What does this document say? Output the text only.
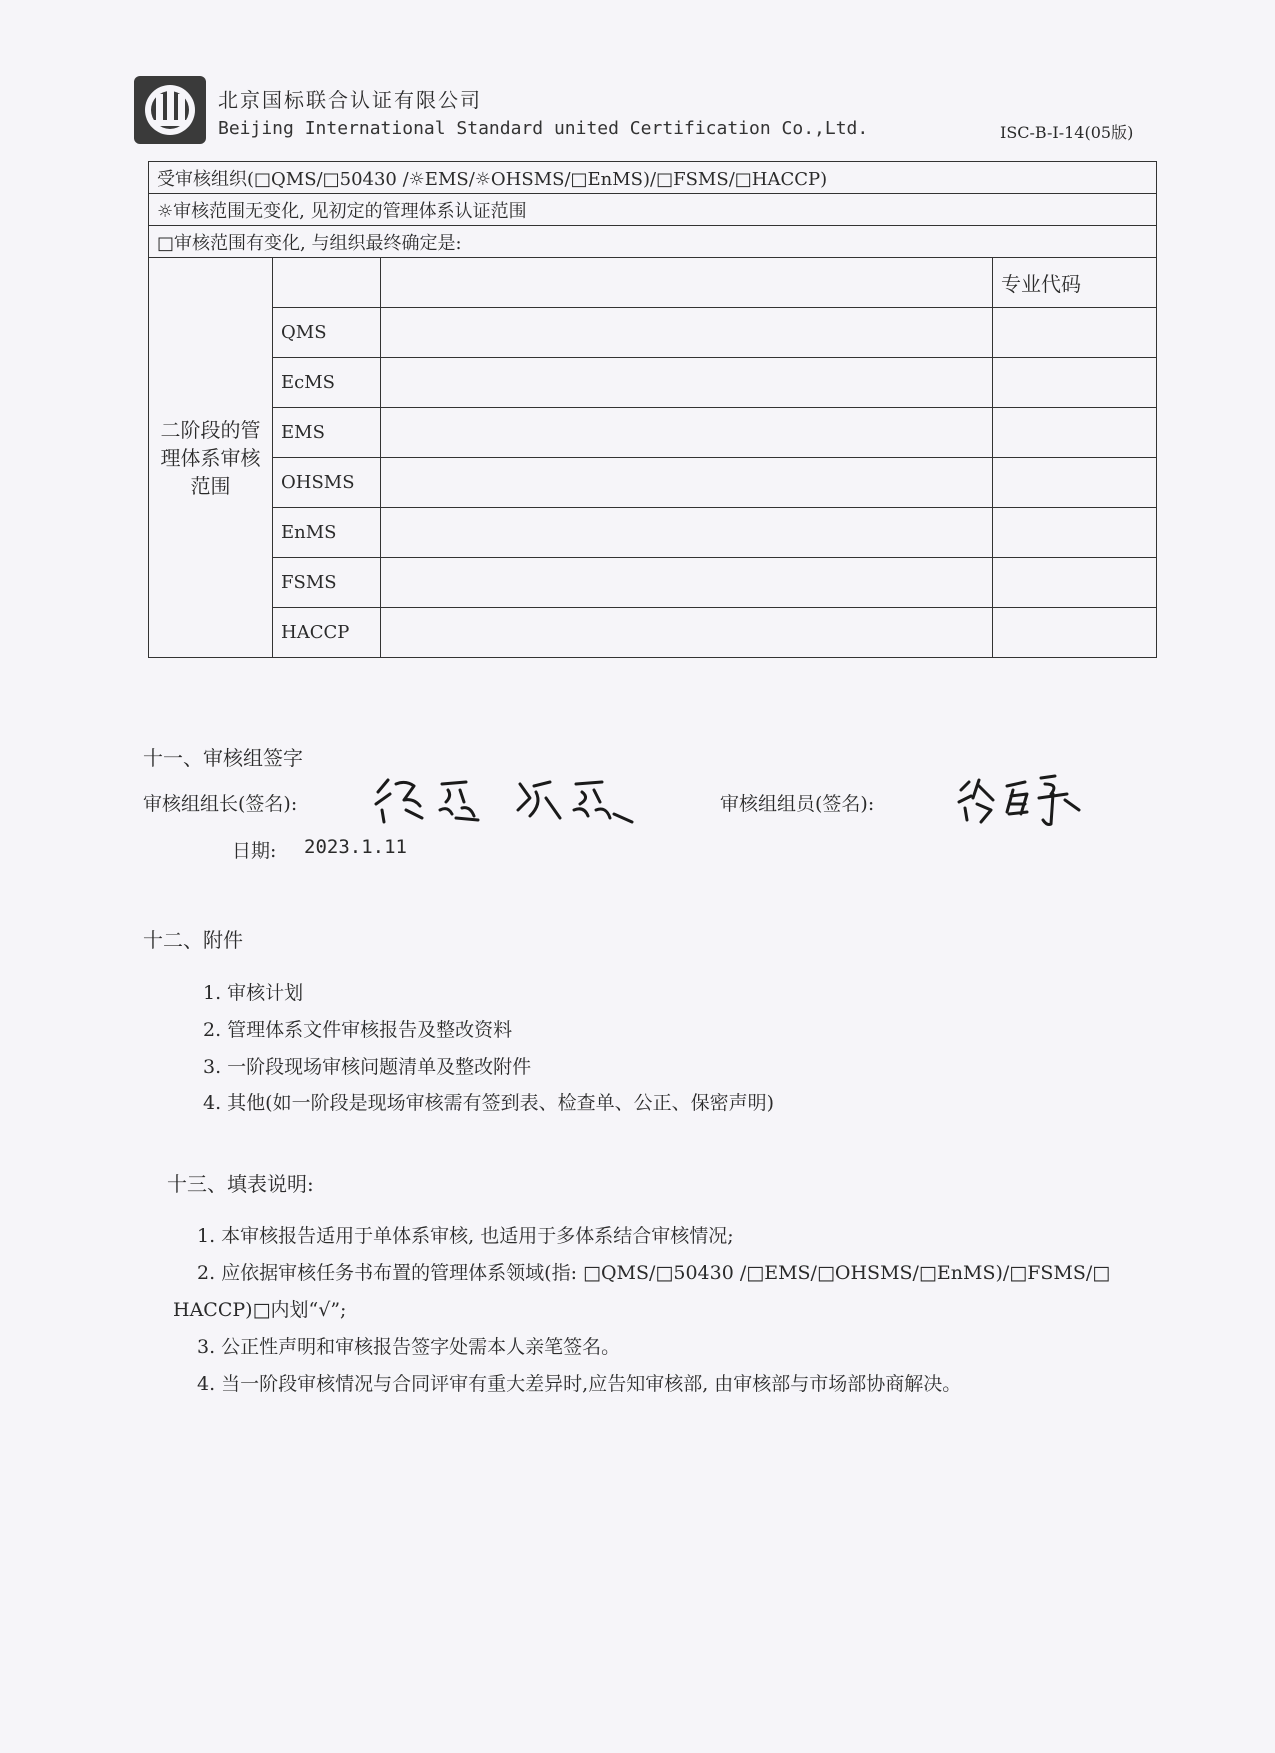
北京国标联合认证有限公司
Beijing International Standard united Certification Co.,Ltd.	ISC-B-I-14(05版)
受审核组织(□QMS/□50430 /☼EMS/☼OHSMS/□EnMS)/□FSMS/□HACCP)			
☼审核范围无变化, 见初定的管理体系认证范围			
□审核范围有变化, 与组织最终确定是:			
二阶段的管理体系审核范围			专业代码
	QMS		
	EcMS		
	EMS		
	OHSMS		
	EnMS		
	FSMS		
	HACCP		
十一、审核组签字
审核组组长(签名):	审核组组员(签名):
日期: 2023.1.11
十二、附件
1. 审核计划
2. 管理体系文件审核报告及整改资料
3. 一阶段现场审核问题清单及整改附件
4. 其他(如一阶段是现场审核需有签到表、检查单、公正、保密声明)
十三、填表说明:
1. 本审核报告适用于单体系审核, 也适用于多体系结合审核情况;
2. 应依据审核任务书布置的管理体系领域(指: □QMS/□50430 /□EMS/□OHSMS/□EnMS)/□FSMS/□
HACCP)□内划“√”;
3. 公正性声明和审核报告签字处需本人亲笔签名。
4. 当一阶段审核情况与合同评审有重大差异时,应告知审核部, 由审核部与市场部协商解决。
